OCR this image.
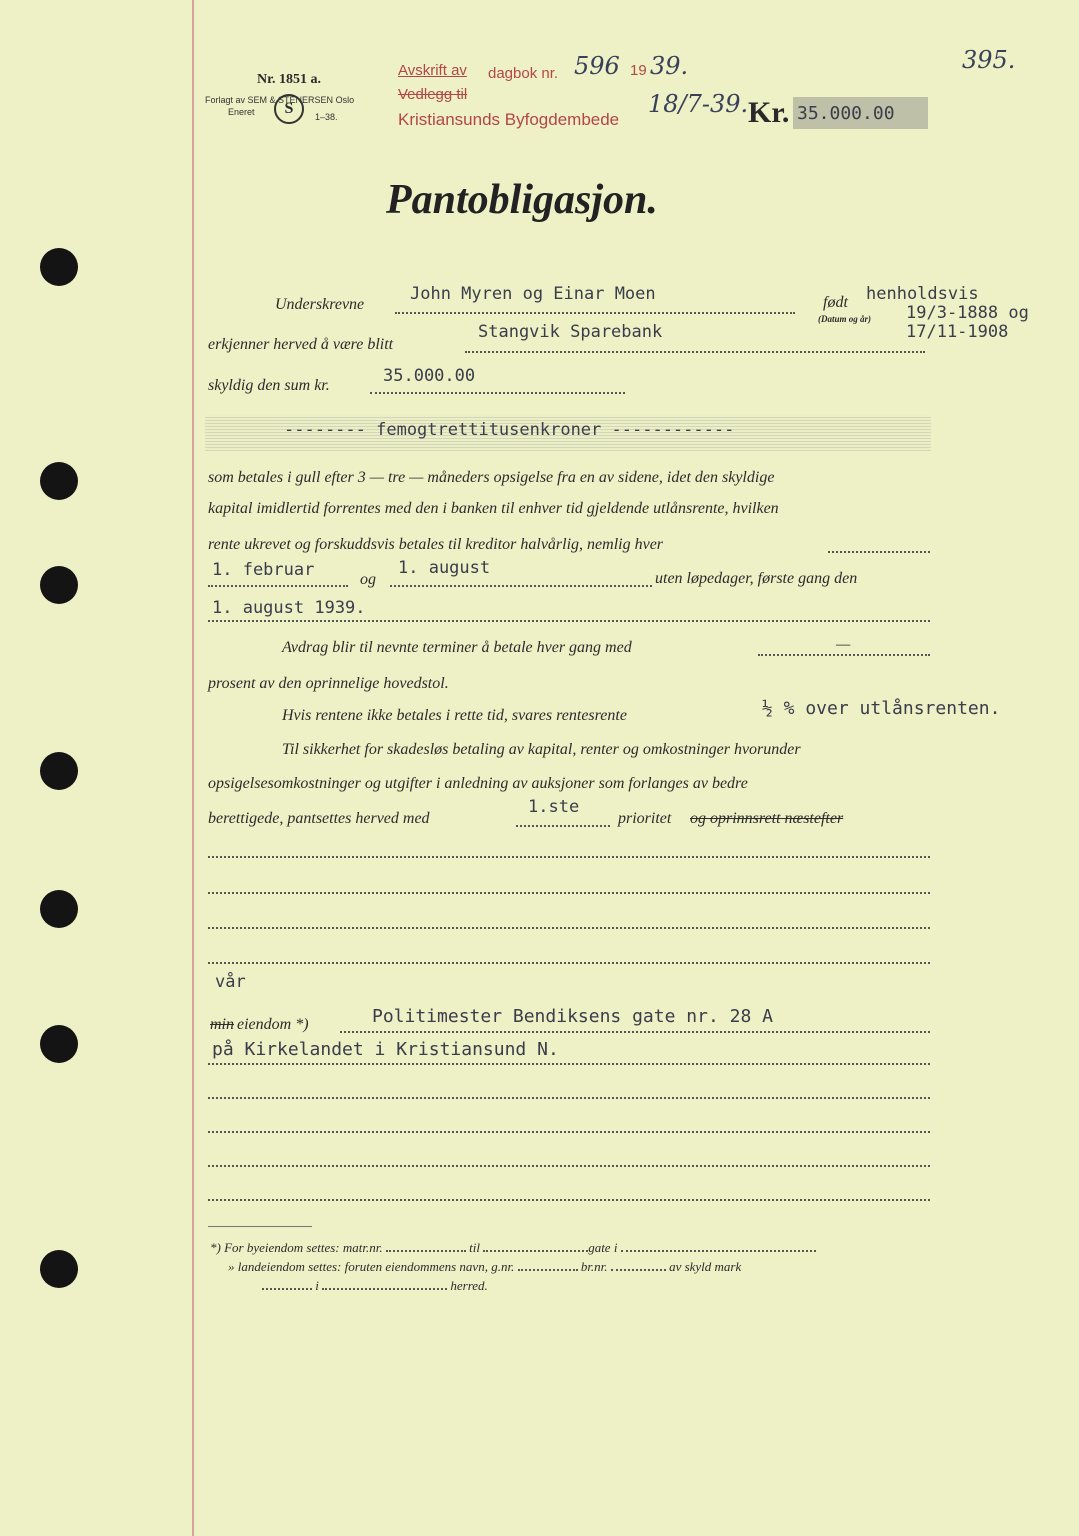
Nr. 1851 a.
Forlagt av SEM & STENERSEN Oslo
Eneret	S	1–38.
Avskrift av dagbok nr. 596 19 39.
Vedlegg til
Kristiansunds Byfogdembede
18/7-39. Kr. 35.000.00
395.
Pantobligasjon.
Underskrevne
John Myren og Einar Moen	født henholdsvis
(Datum og år) 19/3-1888 og
17/11-1908
erkjenner herved å være blitt
Stangvik Sparebank
skyldig den sum kr.	35.000.00
-------- femogtrettitusenkroner ------------
som betales i gull efter 3 — tre — måneders opsigelse fra en av sidene, idet den skyldige
kapital imidlertid forrentes med den i banken til enhver tid gjeldende utlånsrente, hvilken
rente ukrevet og forskuddsvis betales til kreditor halvårlig, nemlig hver
1. februar	og
1. august
uten løpedager, første gang den
1. august 1939.
Avdrag blir til nevnte terminer å betale hver gang med	—
prosent av den oprinnelige hovedstol.
Hvis rentene ikke betales i rette tid, svares rentesrente	½ % over utlånsrenten.
Til sikkerhet for skadesløs betaling av kapital, renter og omkostninger hvorunder
opsigelsesomkostninger og utgifter i anledning av auksjoner som forlanges av bedre
berettigede, pantsettes herved med
1.ste
prioritet og oprinnsrett næstefter
vår
min eiendom *)	Politimester Bendiksens gate nr. 28 A
på Kirkelandet i Kristiansund N.
*) For byeiendom settes: matr.nr.	til	gate i
» landeiendom settes: foruten eiendommens navn, g.nr.	br.nr.	av skyld mark
i	herred.
